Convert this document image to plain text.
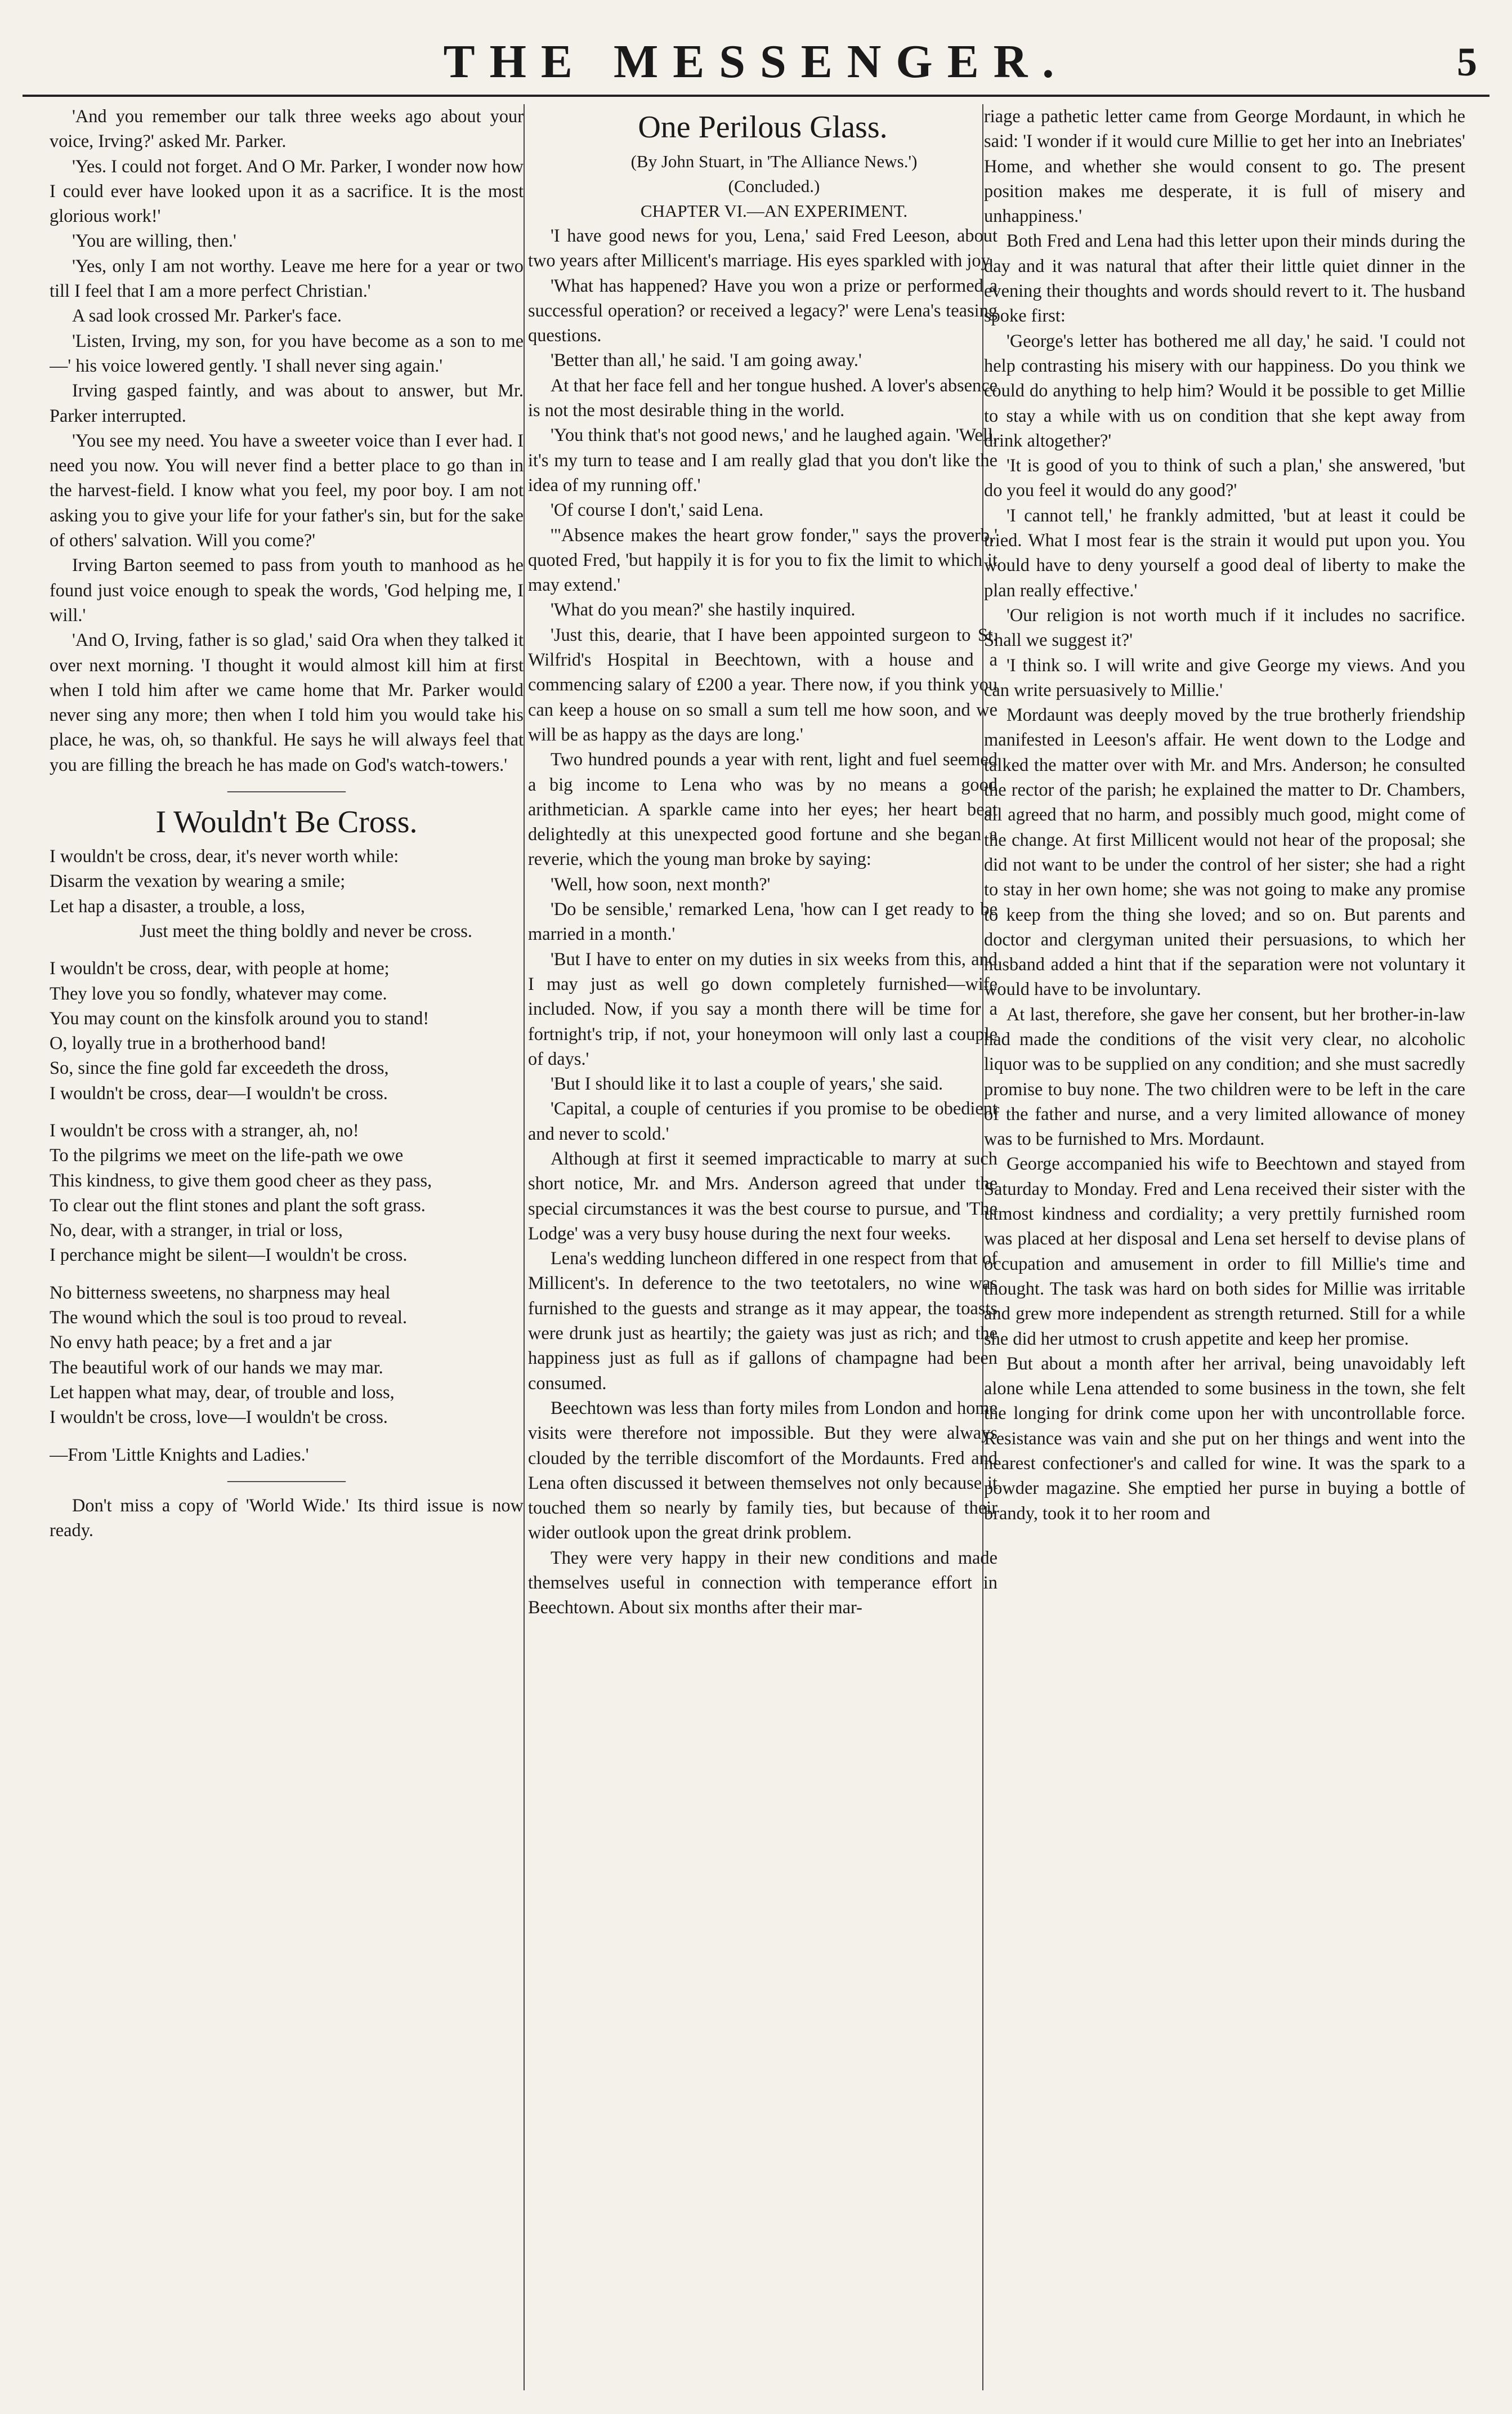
THE MESSENGER.	5

'And you remember our talk three weeks ago about your voice, Irving?' asked Mr. Parker.

'Yes. I could not forget. And O Mr. Parker, I wonder now how I could ever have looked upon it as a sacrifice. It is the most glorious work!'

'You are willing, then.'

'Yes, only I am not worthy. Leave me here for a year or two till I feel that I am a more perfect Christian.'

A sad look crossed Mr. Parker's face.

'Listen, Irving, my son, for you have become as a son to me—' his voice lowered gently. 'I shall never sing again.'

Irving gasped faintly, and was about to answer, but Mr. Parker interrupted.

'You see my need. You have a sweeter voice than I ever had. I need you now. You will never find a better place to go than in the harvest-field. I know what you feel, my poor boy. I am not asking you to give your life for your father's sin, but for the sake of others' salvation. Will you come?'

Irving Barton seemed to pass from youth to manhood as he found just voice enough to speak the words, 'God helping me, I will.'

'And O, Irving, father is so glad,' said Ora when they talked it over next morning. 'I thought it would almost kill him at first when I told him after we came home that Mr. Parker would never sing any more; then when I told him you would take his place, he was, oh, so thankful. He says he will always feel that you are filling the breach he has made on God's watch-towers.'

———————
I Wouldn't Be Cross.

I wouldn't be cross, dear, it's never worth while:

Disarm the vexation by wearing a smile;

Let hap a disaster, a trouble, a loss,

Just meet the thing boldly and never be cross.

I wouldn't be cross, dear, with people at home;

They love you so fondly, whatever may come.

You may count on the kinsfolk around you to stand!

O, loyally true in a brotherhood band!

So, since the fine gold far exceedeth the dross,

I wouldn't be cross, dear—I wouldn't be cross.

I wouldn't be cross with a stranger, ah, no!

To the pilgrims we meet on the life-path we owe

This kindness, to give them good cheer as they pass,

To clear out the flint stones and plant the soft grass.

No, dear, with a stranger, in trial or loss,

I perchance might be silent—I wouldn't be cross.

No bitterness sweetens, no sharpness may heal

The wound which the soul is too proud to reveal.

No envy hath peace; by a fret and a jar

The beautiful work of our hands we may mar.

Let happen what may, dear, of trouble and loss,

I wouldn't be cross, love—I wouldn't be cross.

—From 'Little Knights and Ladies.'

———————

Don't miss a copy of 'World Wide.' Its third issue is now ready.

One Perilous Glass.

(By John Stuart, in 'The Alliance News.')

(Concluded.)

CHAPTER VI.—AN EXPERIMENT.

'I have good news for you, Lena,' said Fred Leeson, about two years after Millicent's marriage. His eyes sparkled with joy.

'What has happened? Have you won a prize or performed a successful operation? or received a legacy?' were Lena's teasing questions.

'Better than all,' he said. 'I am going away.'

At that her face fell and her tongue hushed. A lover's absence is not the most desirable thing in the world.

'You think that's not good news,' and he laughed again. 'Well, it's my turn to tease and I am really glad that you don't like the idea of my running off.'

'Of course I don't,' said Lena.

'"Absence makes the heart grow fonder," says the proverb,' quoted Fred, 'but happily it is for you to fix the limit to which it may extend.'

'What do you mean?' she hastily inquired.

'Just this, dearie, that I have been appointed surgeon to St. Wilfrid's Hospital in Beechtown, with a house and a commencing salary of £200 a year. There now, if you think you can keep a house on so small a sum tell me how soon, and we will be as happy as the days are long.'

Two hundred pounds a year with rent, light and fuel seemed a big income to Lena who was by no means a good arithmetician. A sparkle came into her eyes; her heart beat delightedly at this unexpected good fortune and she began a reverie, which the young man broke by saying:

'Well, how soon, next month?'

'Do be sensible,' remarked Lena, 'how can I get ready to be married in a month.'

'But I have to enter on my duties in six weeks from this, and I may just as well go down completely furnished—wife included. Now, if you say a month there will be time for a fortnight's trip, if not, your honeymoon will only last a couple of days.'

'But I should like it to last a couple of years,' she said.

'Capital, a couple of centuries if you promise to be obedient and never to scold.'

Although at first it seemed impracticable to marry at such short notice, Mr. and Mrs. Anderson agreed that under the special circumstances it was the best course to pursue, and 'The Lodge' was a very busy house during the next four weeks.

Lena's wedding luncheon differed in one respect from that of Millicent's. In deference to the two teetotalers, no wine was furnished to the guests and strange as it may appear, the toasts were drunk just as heartily; the gaiety was just as rich; and the happiness just as full as if gallons of champagne had been consumed.

Beechtown was less than forty miles from London and home visits were therefore not impossible. But they were always clouded by the terrible discomfort of the Mordaunts. Fred and Lena often discussed it between themselves not only because it touched them so nearly by family ties, but because of their wider outlook upon the great drink problem.

They were very happy in their new conditions and made themselves useful in connection with temperance effort in Beechtown. About six months after their mar-

riage a pathetic letter came from George Mordaunt, in which he said: 'I wonder if it would cure Millie to get her into an Inebriates' Home, and whether she would consent to go. The present position makes me desperate, it is full of misery and unhappiness.'

Both Fred and Lena had this letter upon their minds during the day and it was natural that after their little quiet dinner in the evening their thoughts and words should revert to it. The husband spoke first:

'George's letter has bothered me all day,' he said. 'I could not help contrasting his misery with our happiness. Do you think we could do anything to help him? Would it be possible to get Millie to stay a while with us on condition that she kept away from drink altogether?'

'It is good of you to think of such a plan,' she answered, 'but do you feel it would do any good?'

'I cannot tell,' he frankly admitted, 'but at least it could be tried. What I most fear is the strain it would put upon you. You would have to deny yourself a good deal of liberty to make the plan really effective.'

'Our religion is not worth much if it includes no sacrifice. Shall we suggest it?'

'I think so. I will write and give George my views. And you can write persuasively to Millie.'

Mordaunt was deeply moved by the true brotherly friendship manifested in Leeson's affair. He went down to the Lodge and talked the matter over with Mr. and Mrs. Anderson; he consulted the rector of the parish; he explained the matter to Dr. Chambers, all agreed that no harm, and possibly much good, might come of the change. At first Millicent would not hear of the proposal; she did not want to be under the control of her sister; she had a right to stay in her own home; she was not going to make any promise to keep from the thing she loved; and so on. But parents and doctor and clergyman united their persuasions, to which her husband added a hint that if the separation were not voluntary it would have to be involuntary.

At last, therefore, she gave her consent, but her brother-in-law had made the conditions of the visit very clear, no alcoholic liquor was to be supplied on any condition; and she must sacredly promise to buy none. The two children were to be left in the care of the father and nurse, and a very limited allowance of money was to be furnished to Mrs. Mordaunt.

George accompanied his wife to Beechtown and stayed from Saturday to Monday. Fred and Lena received their sister with the utmost kindness and cordiality; a very prettily furnished room was placed at her disposal and Lena set herself to devise plans of occupation and amusement in order to fill Millie's time and thought. The task was hard on both sides for Millie was irritable and grew more independent as strength returned. Still for a while she did her utmost to crush appetite and keep her promise.

But about a month after her arrival, being unavoidably left alone while Lena attended to some business in the town, she felt the longing for drink come upon her with uncontrollable force. Resistance was vain and she put on her things and went into the nearest confectioner's and called for wine. It was the spark to a powder magazine. She emptied her purse in buying a bottle of brandy, took it to her room and
